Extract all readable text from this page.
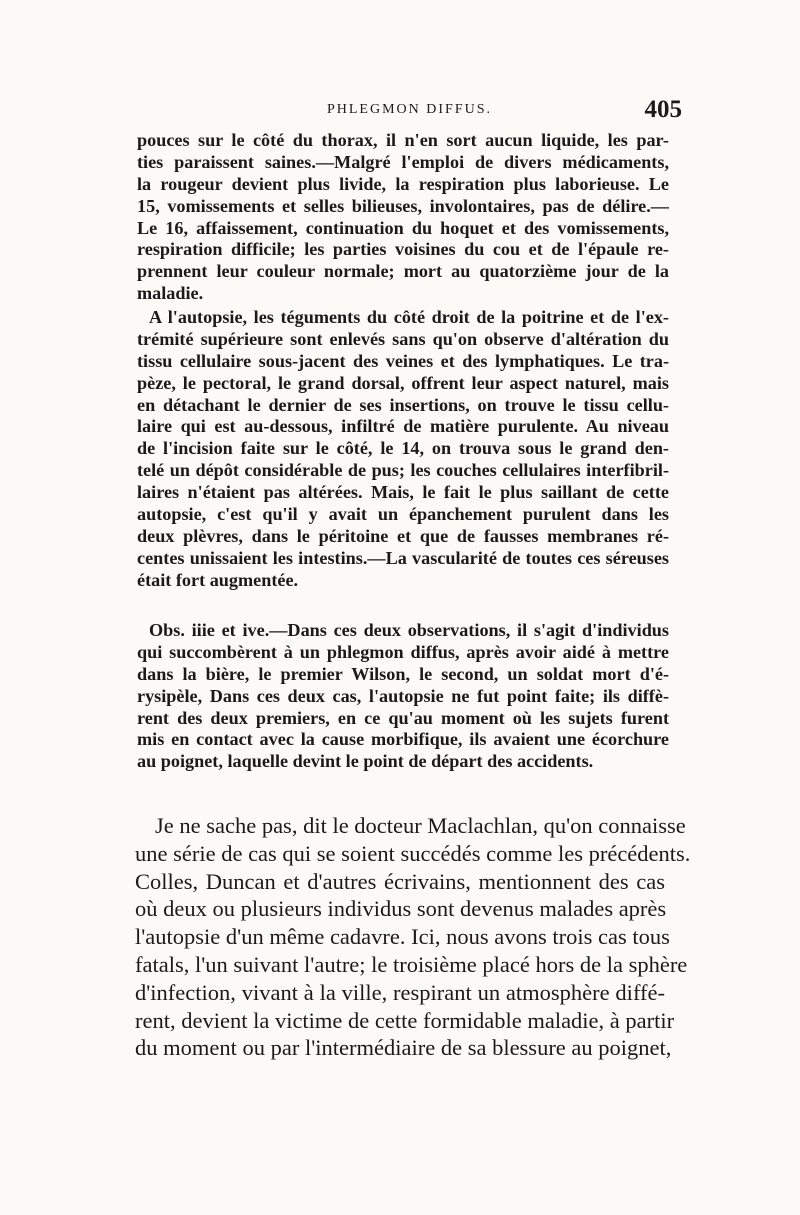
PHLEGMON DIFFUS.	405
pouces sur le côté du thorax, il n'en sort aucun liquide, les par-
ties paraissent saines.—Malgré l'emploi de divers médicaments,
la rougeur devient plus livide, la respiration plus laborieuse. Le
15, vomissements et selles bilieuses, involontaires, pas de délire.—
Le 16, affaissement, continuation du hoquet et des vomissements,
respiration difficile; les parties voisines du cou et de l'épaule re-
prennent leur couleur normale; mort au quatorzième jour de la
maladie.
A l'autopsie, les téguments du côté droit de la poitrine et de l'ex-
trémité supérieure sont enlevés sans qu'on observe d'altération du
tissu cellulaire sous-jacent des veines et des lymphatiques. Le tra-
pèze, le pectoral, le grand dorsal, offrent leur aspect naturel, mais
en détachant le dernier de ses insertions, on trouve le tissu cellu-
laire qui est au-dessous, infiltré de matière purulente. Au niveau
de l'incision faite sur le côté, le 14, on trouva sous le grand den-
telé un dépôt considérable de pus; les couches cellulaires interfibril-
laires n'étaient pas altérées. Mais, le fait le plus saillant de cette
autopsie, c'est qu'il y avait un épanchement purulent dans les
deux plèvres, dans le péritoine et que de fausses membranes ré-
centes unissaient les intestins.—La vascularité de toutes ces séreuses
était fort augmentée.
Obs. iiie et ive.—Dans ces deux observations, il s'agit d'individus
qui succombèrent à un phlegmon diffus, après avoir aidé à mettre
dans la bière, le premier Wilson, le second, un soldat mort d'é-
rysipèle, Dans ces deux cas, l'autopsie ne fut point faite; ils diffè-
rent des deux premiers, en ce qu'au moment où les sujets furent
mis en contact avec la cause morbifique, ils avaient une écorchure
au poignet, laquelle devint le point de départ des accidents.
Je ne sache pas, dit le docteur Maclachlan, qu'on connaisse
une série de cas qui se soient succédés comme les précédents.
Colles, Duncan et d'autres écrivains, mentionnent des cas
où deux ou plusieurs individus sont devenus malades après
l'autopsie d'un même cadavre. Ici, nous avons trois cas tous
fatals, l'un suivant l'autre; le troisième placé hors de la sphère
d'infection, vivant à la ville, respirant un atmosphère diffé-
rent, devient la victime de cette formidable maladie, à partir
du moment ou par l'intermédiaire de sa blessure au poignet,
